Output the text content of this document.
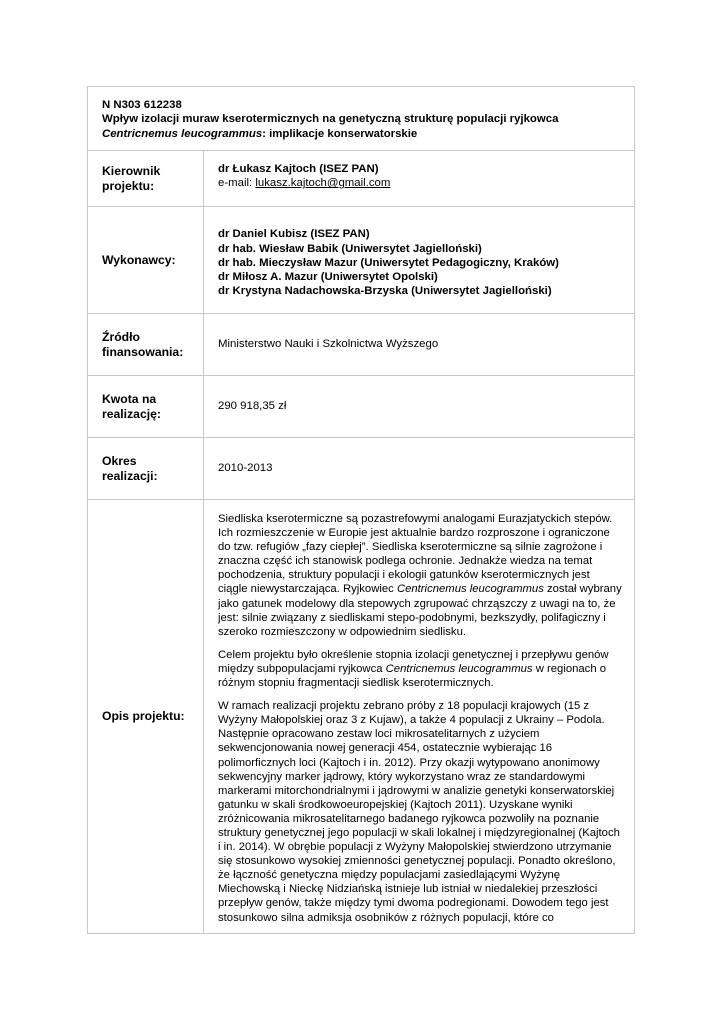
N N303 612238
Wpływ izolacji muraw kserotermicznych na genetyczną strukturę populacji ryjkowca
Centricnemus leucogrammus: implikacje konserwatorskie
Kierownik
projektu:
dr Łukasz Kajtoch (ISEZ PAN)
e-mail: lukasz.kajtoch@gmail.com
Wykonawcy:
dr Daniel Kubisz (ISEZ PAN)
dr hab. Wiesław Babik (Uniwersytet Jagielloński)
dr hab. Mieczysław Mazur (Uniwersytet Pedagogiczny, Kraków)
dr Miłosz A. Mazur (Uniwersytet Opolski)
dr Krystyna Nadachowska-Brzyska (Uniwersytet Jagielloński)
Źródło
finansowania:
Ministerstwo Nauki i Szkolnictwa Wyższego
Kwota na
realizację:
290 918,35 zł
Okres
realizacji:
2010-2013
Opis projektu:

Siedliska kserotermiczne są pozastrefowymi analogami Eurazjatyckich stepów. Ich rozmieszczenie w Europie jest aktualnie bardzo rozproszone i ograniczone do tzw. refugiów „fazy ciepłej”. Siedliska kserotermiczne są silnie zagrożone i znaczna część ich stanowisk podlega ochronie. Jednakże wiedza na temat pochodzenia, struktury populacji i ekologii gatunków kserotermicznych jest ciągle niewystarczająca. Ryjkowiec Centricnemus leucogrammus został wybrany jako gatunek modelowy dla stepowych zgrupować chrząszczy z uwagi na to, że jest: silnie związany z siedliskami stepo-podobnymi, bezkszydły, polifagiczny i szeroko rozmieszczony w odpowiednim siedlisku.

Celem projektu było określenie stopnia izolacji genetycznej i przepływu genów między subpopulacjami ryjkowca Centricnemus leucogrammus w regionach o różnym stopniu fragmentacji siedlisk kserotermicznych.

W ramach realizacji projektu zebrano próby z 18 populacji krajowych (15 z Wyżyny Małopolskiej oraz 3 z Kujaw), a także 4 populacji z Ukrainy – Podola. Następnie opracowano zestaw loci mikrosatelitarnych z użyciem sekwencjonowania nowej generacji 454, ostatecznie wybierając 16 polimorficznych loci (Kajtoch i in. 2012). Przy okazji wytypowano anonimowy sekwencyjny marker jądrowy, który wykorzystano wraz ze standardowymi markerami mitorchondrialnymi i jądrowymi w analizie genetyki konserwatorskiej gatunku w skali środkowoeuropejskiej (Kajtoch 2011). Uzyskane wyniki zróżnicowania mikrosatelitarnego badanego ryjkowca pozwoliły na poznanie struktury genetycznej jego populacji w skali lokalnej i międzyregionalnej (Kajtoch i in. 2014). W obrębie populacji z Wyżyny Małopolskiej stwierdzono utrzymanie się stosunkowo wysokiej zmienności genetycznej populacji. Ponadto określono, że łączność genetyczna między populacjami zasiedlającymi Wyżynę Miechowską i Nieckę Nidziańską istnieje lub istniał w niedalekiej przeszłości przepływ genów, także między tymi dwoma podregionami. Dowodem tego jest stosunkowo silna admiksja osobników z różnych populacji, które co
